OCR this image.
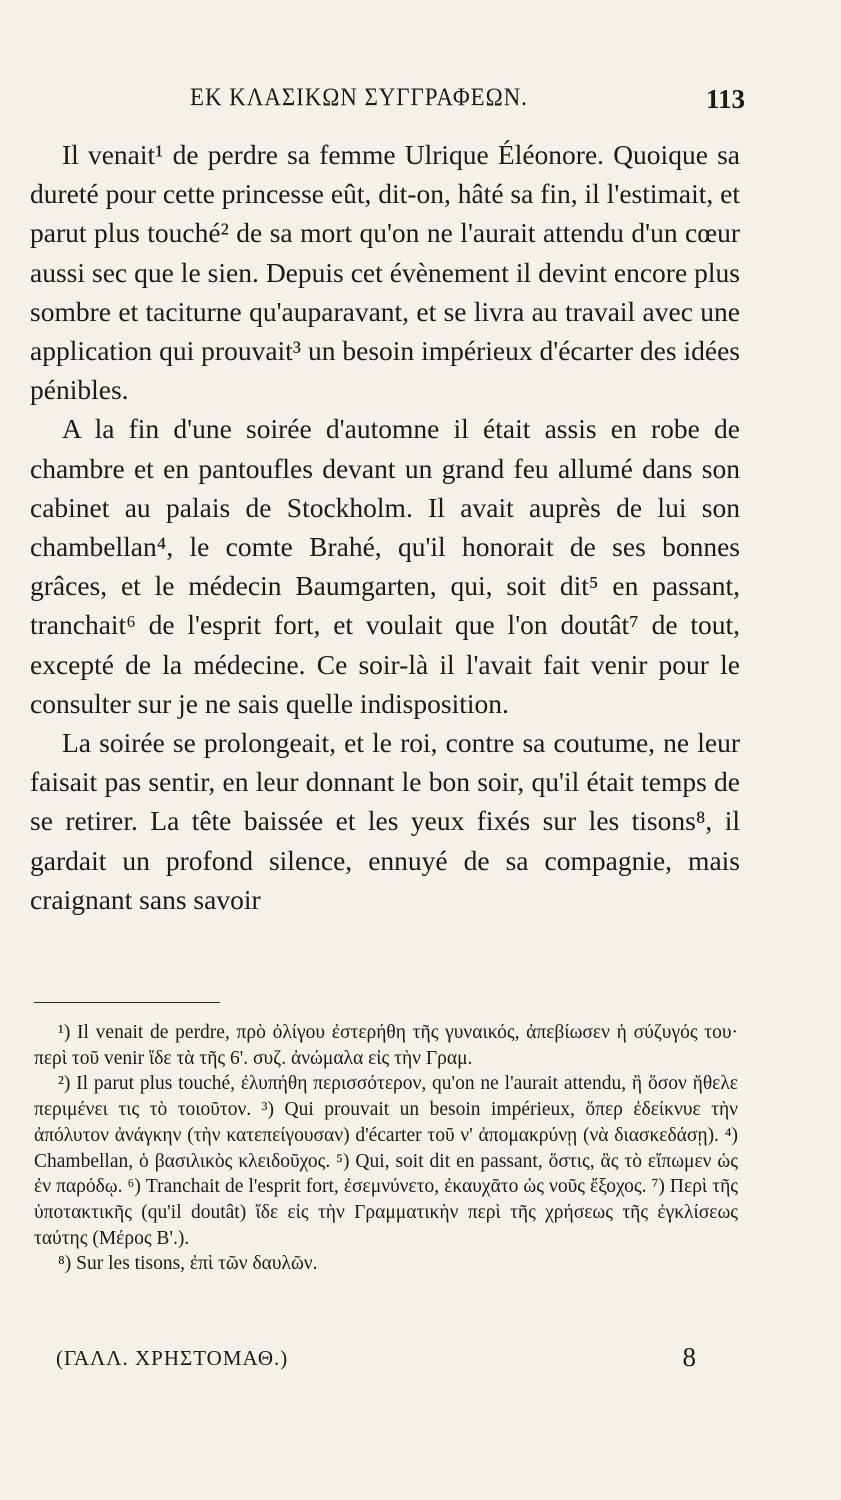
ΕΚ ΚΛΑΣΙΚΩΝ ΣΥΓΓΡΑΦΕΩΝ.	113

Il venait¹ de perdre sa femme Ulrique Éléonore. Quoique sa dureté pour cette princesse eût, dit-on, hâté sa fin, il l'estimait, et parut plus touché² de sa mort qu'on ne l'aurait attendu d'un cœur aussi sec que le sien. Depuis cet évènement il devint encore plus sombre et taciturne qu'auparavant, et se livra au travail avec une application qui prouvait³ un besoin impérieux d'écarter des idées pénibles.

A la fin d'une soirée d'automne il était assis en robe de chambre et en pantoufles devant un grand feu allumé dans son cabinet au palais de Stockholm. Il avait auprès de lui son chambellan⁴, le comte Brahé, qu'il honorait de ses bonnes grâces, et le médecin Baumgarten, qui, soit dit⁵ en passant, tranchait⁶ de l'esprit fort, et voulait que l'on doutât⁷ de tout, excepté de la médecine. Ce soir-là il l'avait fait venir pour le consulter sur je ne sais quelle indisposition.

La soirée se prolongeait, et le roi, contre sa coutume, ne leur faisait pas sentir, en leur donnant le bon soir, qu'il était temps de se retirer. La tête baissée et les yeux fixés sur les tisons⁸, il gardait un profond silence, ennuyé de sa compagnie, mais craignant sans savoir

¹) Il venait de perdre, πρὸ ὀλίγου ἐστερήθη τῆς γυναικός, ἀπεβίωσεν ἡ σύζυγός του· περὶ τοῦ venir ἴδε τὰ τῆς 6'. συζ. ἀνώμαλα εἰς τὴν Γραμ.

²) Il parut plus touché, ἐλυπήθη περισσότερον, qu'on ne l'aurait attendu, ἢ ὅσον ἤθελε περιμένει τις τὸ τοιοῦτον. ³) Qui prouvait un besoin impérieux, ὅπερ ἐδείκνυε τὴν ἀπόλυτον ἀνάγκην (τὴν κατεπείγουσαν) d'écarter τοῦ ν' ἀπομακρύνῃ (νὰ διασκεδάσῃ). ⁴) Chambellan, ὁ βασιλικὸς κλειδοῦχος. ⁵) Qui, soit dit en passant, ὅστις, ἂς τὸ εἴπωμεν ὡς ἐν παρόδῳ. ⁶) Tranchait de l'esprit fort, ἐσεμνύνετο, ἐκαυχᾶτο ὡς νοῦς ἔξοχος. ⁷) Περὶ τῆς ὑποτακτικῆς (qu'il doutât) ἴδε εἰς τὴν Γραμματικὴν περὶ τῆς χρήσεως τῆς ἐγκλίσεως ταύτης (Μέρος Β'.).

⁸) Sur les tisons, ἐπὶ τῶν δαυλῶν.

(ΓΑΛΛ. ΧΡΗΣΤΟΜΑΘ.)	8
